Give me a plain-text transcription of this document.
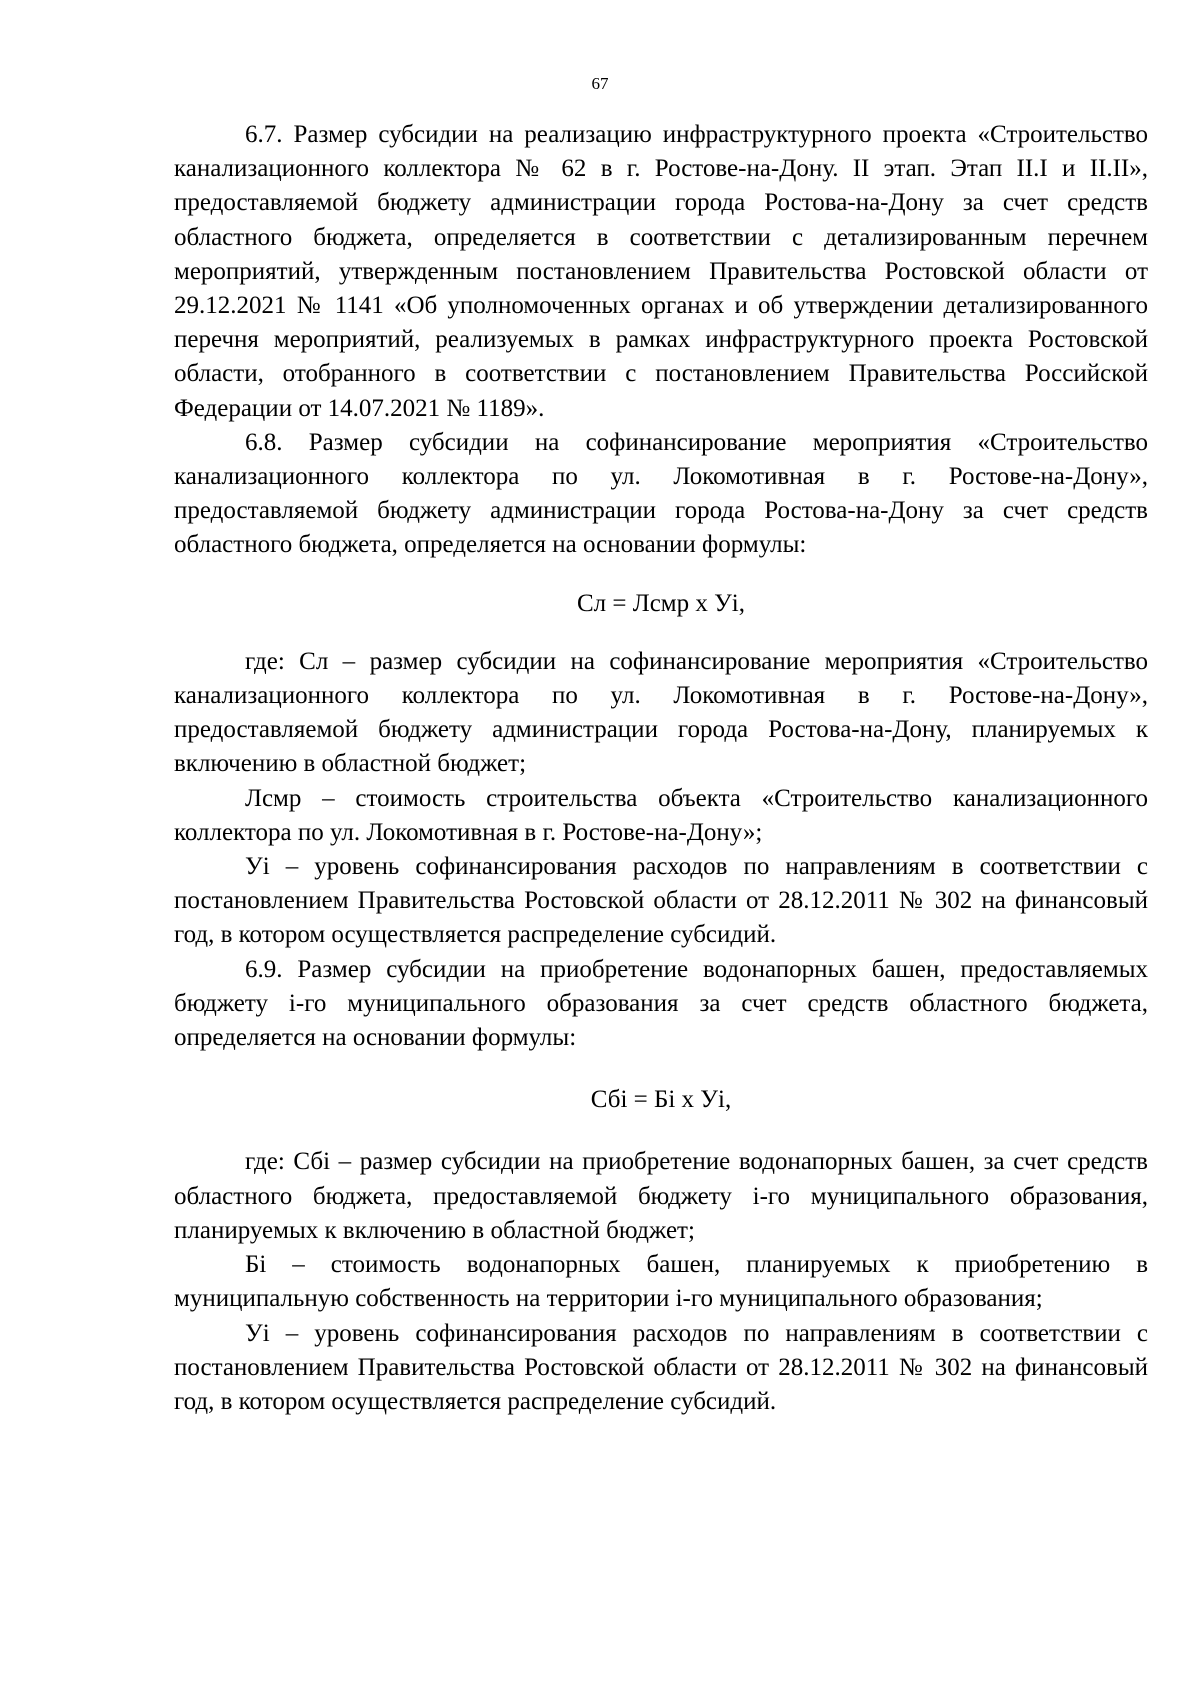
67

6.7. Размер субсидии на реализацию инфраструктурного проекта «Строительство канализационного коллектора № 62 в г. Ростове-на-Дону. II этап. Этап II.I и II.II», предоставляемой бюджету администрации города Ростова-на-Дону за счет средств областного бюджета, определяется в соответствии с детализированным перечнем мероприятий, утвержденным постановлением Правительства Ростовской области от 29.12.2021 № 1141 «Об уполномоченных органах и об утверждении детализированного перечня мероприятий, реализуемых в рамках инфраструктурного проекта Ростовской области, отобранного в соответствии с постановлением Правительства Российской Федерации от 14.07.2021 № 1189».

6.8. Размер субсидии на софинансирование мероприятия «Строительство канализационного коллектора по ул. Локомотивная в г. Ростове-на-Дону», предоставляемой бюджету администрации города Ростова-на-Дону за счет средств областного бюджета, определяется на основании формулы:

Сл = Лсмр х Уi,

где: Сл – размер субсидии на софинансирование мероприятия «Строительство канализационного коллектора по ул. Локомотивная в г. Ростове-на-Дону», предоставляемой бюджету администрации города Ростова-на-Дону, планируемых к включению в областной бюджет;

Лсмр – стоимость строительства объекта «Строительство канализационного коллектора по ул. Локомотивная в г. Ростове-на-Дону»;

Уi – уровень софинансирования расходов по направлениям в соответствии с постановлением Правительства Ростовской области от 28.12.2011 № 302 на финансовый год, в котором осуществляется распределение субсидий.

6.9. Размер субсидии на приобретение водонапорных башен, предоставляемых бюджету i-го муниципального образования за счет средств областного бюджета, определяется на основании формулы:

Сбi = Бi х Уi,

где: Сбi – размер субсидии на приобретение водонапорных башен, за счет средств областного бюджета, предоставляемой бюджету i-го муниципального образования, планируемых к включению в областной бюджет;

Бi – стоимость водонапорных башен, планируемых к приобретению в муниципальную собственность на территории i-го муниципального образования;

Уi – уровень софинансирования расходов по направлениям в соответствии с постановлением Правительства Ростовской области от 28.12.2011 № 302 на финансовый год, в котором осуществляется распределение субсидий.
